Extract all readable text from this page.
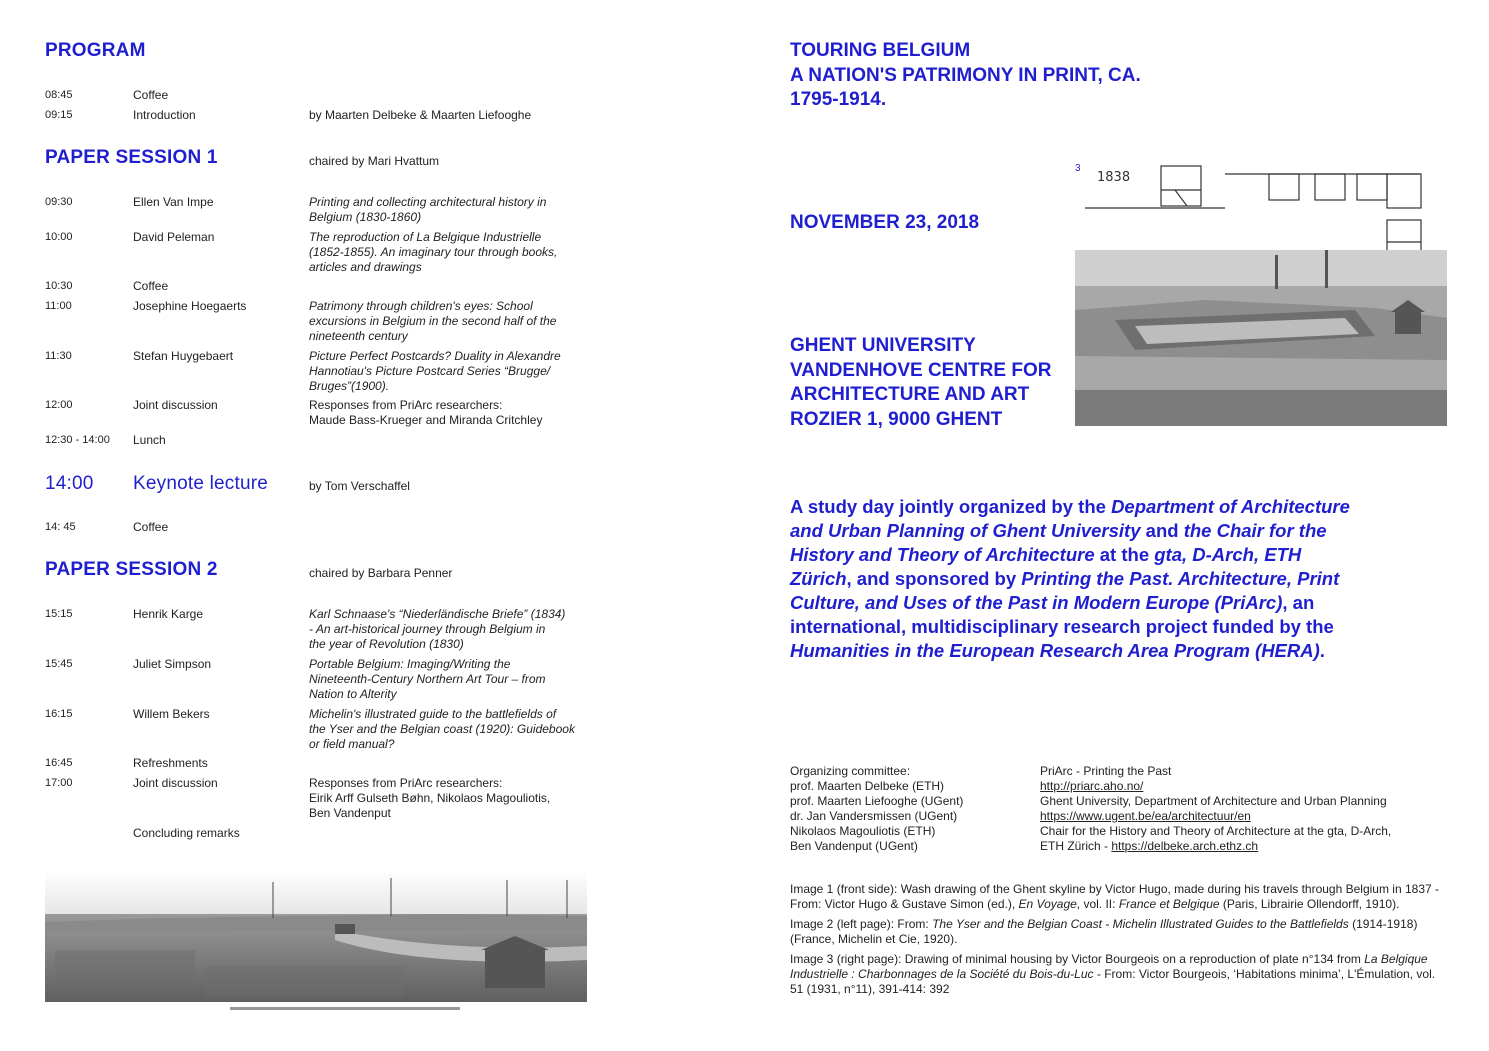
PROGRAM
08:45	Coffee
09:15	Introduction	by Maarten Delbeke & Maarten Liefooghe
PAPER SESSION 1	chaired by Mari Hvattum
09:30	Ellen Van Impe	Printing and collecting architectural history in
Belgium (1830-1860)
10:00	David Peleman	The reproduction of La Belgique Industrielle
(1852-1855). An imaginary tour through books,
articles and drawings
10:30	Coffee
11:00	Josephine Hoegaerts	Patrimony through children's eyes: School
excursions in Belgium in the second half of the
nineteenth century
11:30	Stefan Huygebaert	Picture Perfect Postcards? Duality in Alexandre
Hannotiau's Picture Postcard Series “Brugge/
Bruges”(1900).
12:00	Joint discussion	Responses from PriArc researchers:
Maude Bass-Krueger and Miranda Critchley
12:30 - 14:00 Lunch
14:00 Keynote lecture	by Tom Verschaffel
14: 45	Coffee
PAPER SESSION 2	chaired by Barbara Penner
15:15	Henrik Karge	Karl Schnaase's “Niederländische Briefe” (1834)
- An art-historical journey through Belgium in
the year of Revolution (1830)
15:45	Juliet Simpson	Portable Belgium: Imaging/Writing the
Nineteenth-Century Northern Art Tour – from
Nation to Alterity
16:15	Willem Bekers	Michelin's illustrated guide to the battlefields of
the Yser and the Belgian coast (1920): Guidebook
or field manual?
16:45	Refreshments
17:00	Joint discussion	Responses from PriArc researchers:
Eirik Arff Gulseth Bøhn, Nikolaos Magouliotis,
Ben Vandenput
Concluding remarks
TOURING BELGIUM
A NATION'S PATRIMONY IN PRINT, CA.
1795-1914.
NOVEMBER 23, 2018
GHENT UNIVERSITY
VANDENHOVE CENTRE FOR
ARCHITECTURE AND ART
ROZIER 1, 9000 GHENT
3
1838
A study day jointly organized by the Department of Architecture and Urban Planning of Ghent University and the Chair for the History and Theory of Architecture at the gta, D-Arch, ETH Zürich, and sponsored by Printing the Past. Architecture, Print Culture, and Uses of the Past in Modern Europe (PriArc), an international, multidisciplinary research project funded by the Humanities in the European Research Area Program (HERA).
Organizing committee:
prof. Maarten Delbeke (ETH)
prof. Maarten Liefooghe (UGent)
dr. Jan Vandersmissen (UGent)
Nikolaos Magouliotis (ETH)
Ben Vandenput (UGent)
PriArc - Printing the Past
http://priarc.aho.no/
Ghent University, Department of Architecture and Urban Planning
https://www.ugent.be/ea/architectuur/en
Chair for the History and Theory of Architecture at the gta, D-Arch,
ETH Zürich - https://delbeke.arch.ethz.ch
Image 1 (front side): Wash drawing of the Ghent skyline by Victor Hugo, made during his travels through Belgium in 1837 - From: Victor Hugo & Gustave Simon (ed.), En Voyage, vol. II: France et Belgique (Paris, Librairie Ollendorff, 1910).
Image 2 (left page): From: The Yser and the Belgian Coast - Michelin Illustrated Guides to the Battlefields (1914-1918) (France, Michelin et Cie, 1920).
Image 3 (right page): Drawing of minimal housing by Victor Bourgeois on a reproduction of plate n°134 from La Belgique Industrielle : Charbonnages de la Société du Bois-du-Luc - From: Victor Bourgeois, ‘Habitations minima’, L'Émulation, vol. 51 (1931, n°11), 391-414: 392
